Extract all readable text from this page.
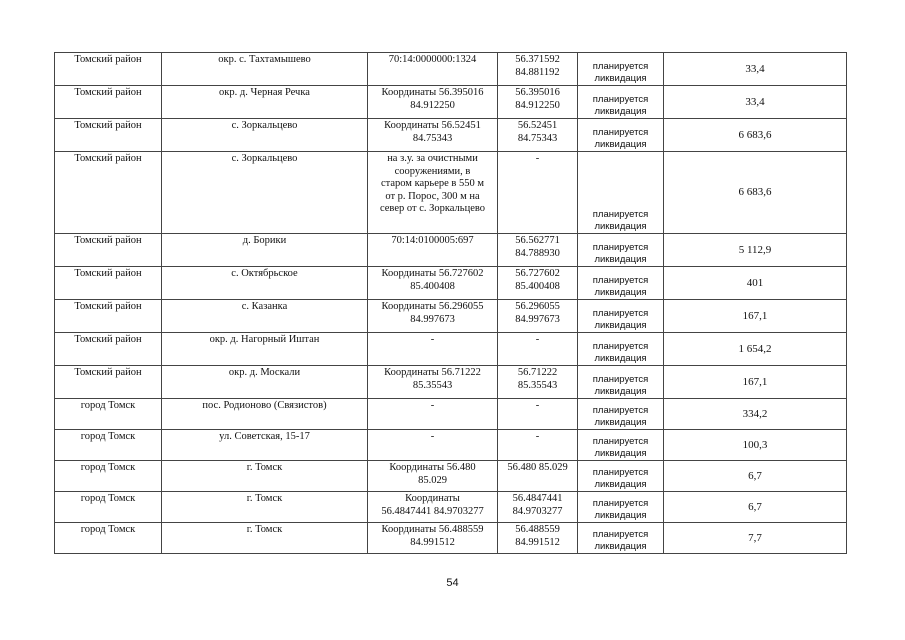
Томский район	окр. с. Тахтамышево	70:14:0000000:1324	56.371592
84.881192	планируется
ликвидация	33,4
Томский район	окр. д. Черная Речка	Координаты 56.395016
84.912250	56.395016
84.912250	планируется
ликвидация	33,4
Томский район	с. Зоркальцево	Координаты 56.52451
84.75343	56.52451
84.75343	планируется
ликвидация	6 683,6
Томский район	с. Зоркальцево	на з.у. за очистными
сооружениями, в
старом карьере в 550 м
от р. Порос, 300 м на
север от с. Зоркальцево	-	планируется
ликвидация	6 683,6
Томский район	д. Борики	70:14:0100005:697	56.562771
84.788930	планируется
ликвидация	5 112,9
Томский район	с. Октябрьское	Координаты 56.727602
85.400408	56.727602
85.400408	планируется
ликвидация	401
Томский район	с. Казанка	Координаты 56.296055
84.997673	56.296055
84.997673	планируется
ликвидация	167,1
Томский район	окр. д. Нагорный Иштан	-	-	планируется
ликвидация	1 654,2
Томский район	окр. д. Москали	Координаты 56.71222
85.35543	56.71222
85.35543	планируется
ликвидация	167,1
город Томск	пос. Родионово (Связистов)	-	-	планируется
ликвидация	334,2
город Томск	ул. Советская, 15-17	-	-	планируется
ликвидация	100,3
город Томск	г. Томск	Координаты 56.480
85.029	56.480 85.029	планируется
ликвидация	6,7
город Томск	г. Томск	Координаты
56.4847441 84.9703277	56.4847441
84.9703277	планируется
ликвидация	6,7
город Томск	г. Томск	Координаты 56.488559
84.991512	56.488559
84.991512	планируется
ликвидация	7,7
54
